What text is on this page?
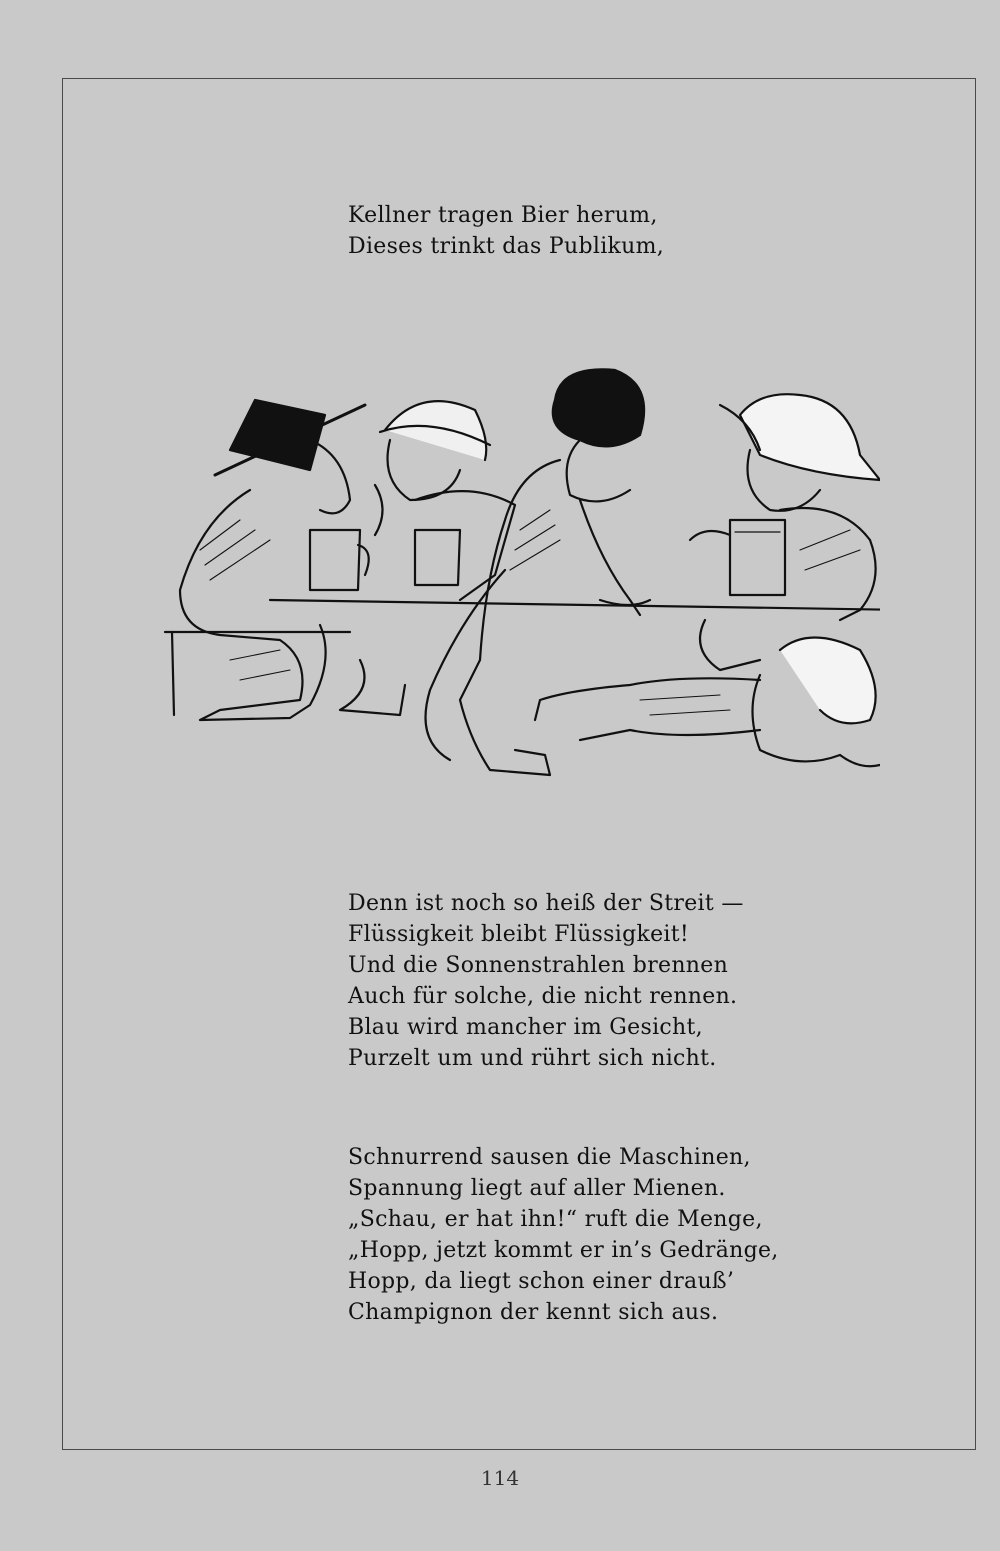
Kellner tragen Bier herum,
Dieses trinkt das Publikum,
Denn ist noch so heiß der Streit —
Flüssigkeit bleibt Flüssigkeit!
Und die Sonnenstrahlen brennen
Auch für solche, die nicht rennen.
Blau wird mancher im Gesicht,
Purzelt um und rührt sich nicht.
Schnurrend sausen die Maschinen,
Spannung liegt auf aller Mienen.
„Schau, er hat ihn!“ ruft die Menge,
„Hopp, jetzt kommt er in’s Gedränge,
Hopp, da liegt schon einer drauß’
Champignon der kennt sich aus.
114
